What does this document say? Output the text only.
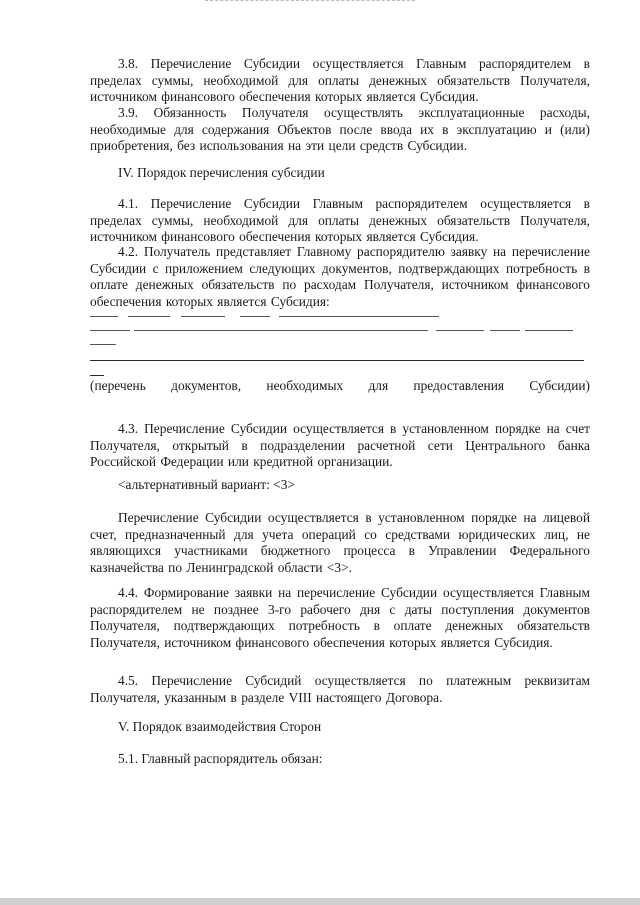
3.8. Перечисление Субсидии осуществляется Главным распорядителем в пределах суммы, необходимой для оплаты денежных обязательств Получателя, источником финансового обеспечения которых является Субсидия.

3.9. Обязанность Получателя осуществлять эксплуатационные расходы, необходимые для содержания Объектов после ввода их в эксплуатацию и (или) приобретения, без использования на эти цели средств Субсидии.

IV. Порядок перечисления субсидии

4.1. Перечисление Субсидии Главным распорядителем осуществляется в пределах суммы, необходимой для оплаты денежных обязательств Получателя, источником финансового обеспечения которых является Субсидия.

4.2. Получатель представляет Главному распорядителю заявку на перечисление Субсидии с приложением следующих документов, подтверждающих потребность в оплате денежных обязательств по расходам Получателя, источником финансового обеспечения которых является Субсидия:

(перечень документов, необходимых для предоставления Субсидии)

4.3. Перечисление Субсидии осуществляется в установленном порядке на счет Получателя, открытый в подразделении расчетной сети Центрального банка Российской Федерации или кредитной организации.

<альтернативный вариант: <3>

Перечисление Субсидии осуществляется в установленном порядке на лицевой счет, предназначенный для учета операций со средствами юридических лиц, не являющихся участниками бюджетного процесса в Управлении Федерального казначейства по Ленинградской области <3>.

4.4. Формирование заявки на перечисление Субсидии осуществляется Главным распорядителем не позднее 3-го рабочего дня с даты поступления документов Получателя, подтверждающих потребность в оплате денежных обязательств Получателя, источником финансового обеспечения которых является Субсидия.

4.5. Перечисление Субсидий осуществляется по платежным реквизитам Получателя, указанным в разделе VIII настоящего Договора.

V. Порядок взаимодействия Сторон
5.1. Главный распорядитель обязан:
